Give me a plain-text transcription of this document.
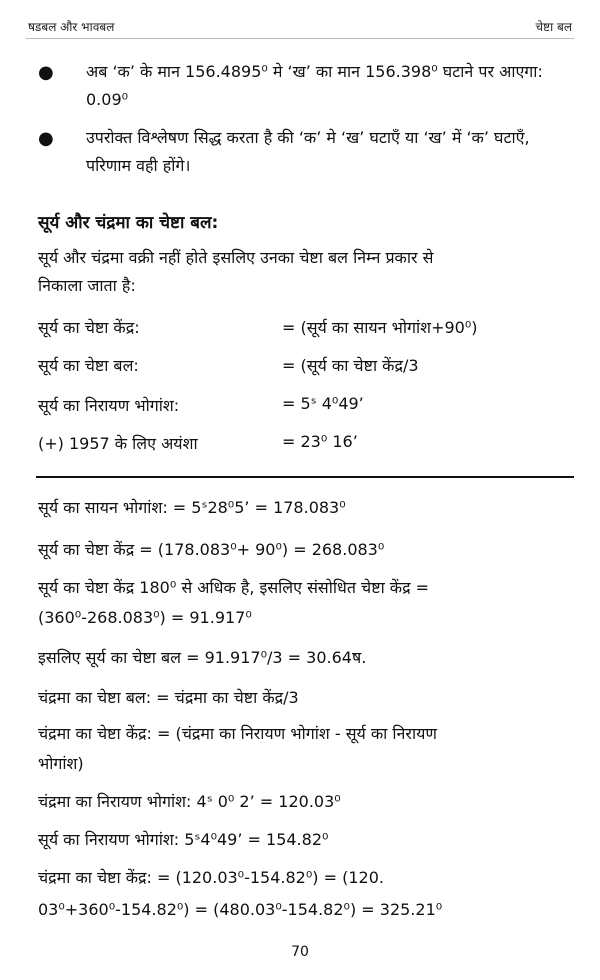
षडबल और भावबल	चेष्टा बल
● अब ‘क’ के मान 156.4895⁰ मे ‘ख’ का मान 156.398⁰ घटाने पर आएगा: 0.09⁰
● उपरोक्त विश्लेषण सिद्ध करता है की ‘क’ मे ‘ख’ घटाएँ या ‘ख’ में ‘क’ घटाएँ, परिणाम वही होंगे।
सूर्य और चंद्रमा का चेष्टा बल:
सूर्य और चंद्रमा वक्री नहीं होते इसलिए उनका चेष्टा बल निम्न प्रकार से
निकाला जाता है:
सूर्य का चेष्टा केंद्र:	= (सूर्य का सायन भोगांश+90⁰)
सूर्य का चेष्टा बल:	= (सूर्य का चेष्टा केंद्र/3
सूर्य का निरायण भोगांश:	= 5ˢ 4⁰49’
(+) 1957 के लिए अयंशा	= 23⁰ 16’
सूर्य का सायन भोगांश: = 5ˢ28⁰5’ = 178.083⁰
सूर्य का चेष्टा केंद्र = (178.083⁰+ 90⁰) = 268.083⁰
सूर्य का चेष्टा केंद्र 180⁰ से अधिक है, इसलिए संसोधित चेष्टा केंद्र =
(360⁰-268.083⁰) = 91.917⁰
इसलिए सूर्य का चेष्टा बल = 91.917⁰/3 = 30.64ष.
चंद्रमा का चेष्टा बल: = चंद्रमा का चेष्टा केंद्र/3
चंद्रमा का चेष्टा केंद्र: = (चंद्रमा का निरायण भोगांश - सूर्य का निरायण
भोगांश)
चंद्रमा का निरायण भोगांश: 4ˢ 0⁰ 2’ = 120.03⁰
सूर्य का निरायण भोगांश: 5ˢ4⁰49’ = 154.82⁰
चंद्रमा का चेष्टा केंद्र: = (120.03⁰-154.82⁰) = (120.
03⁰+360⁰-154.82⁰) = (480.03⁰-154.82⁰) = 325.21⁰
70
